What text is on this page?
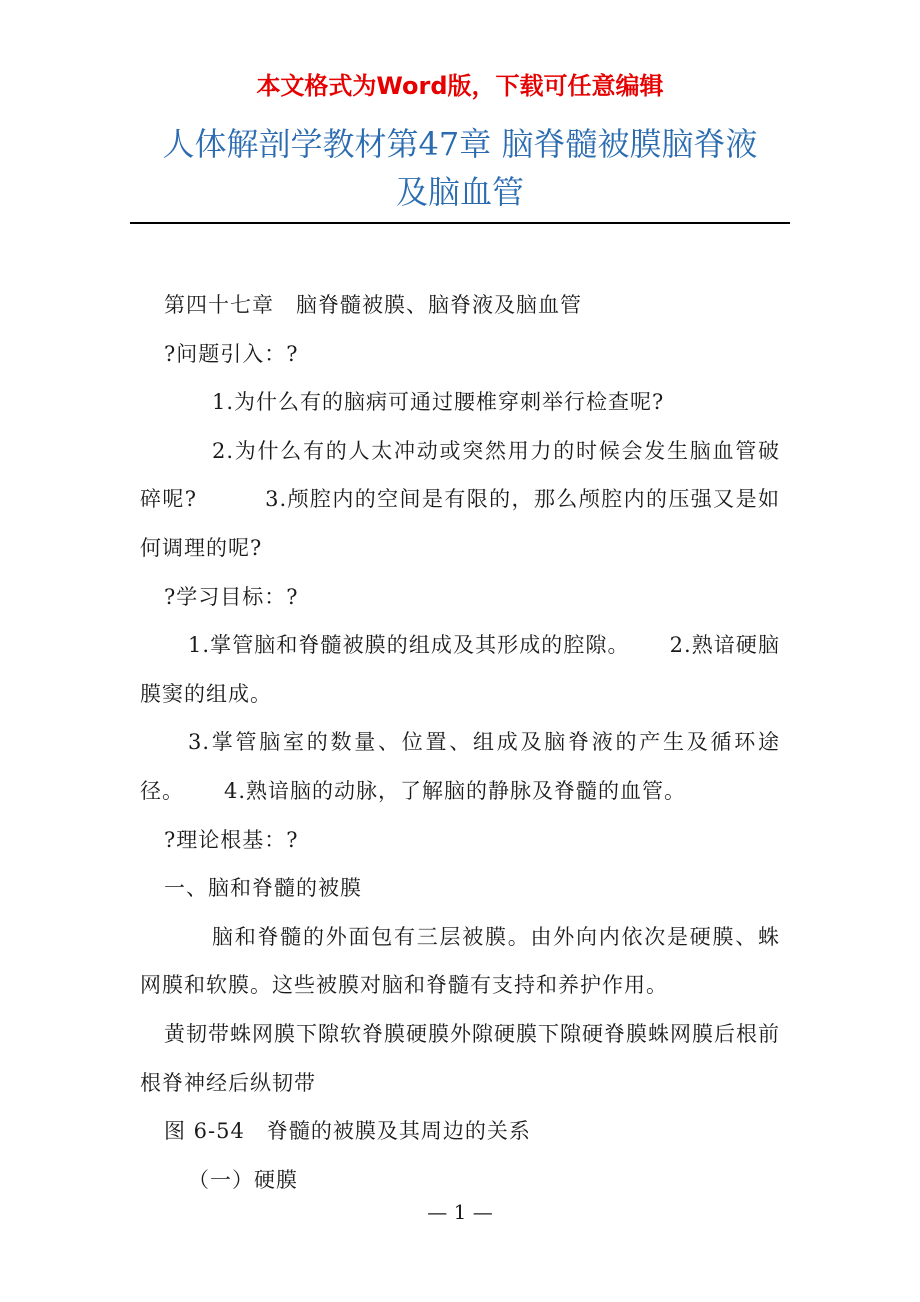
本文格式为Word版，下载可任意编辑
人体解剖学教材第47章 脑脊髓被膜脑脊液
及脑血管

第四十七章　脑脊髓被膜、脑脊液及脑血管

?问题引入：?

1.为什么有的脑病可通过腰椎穿刺举行检查呢?

2.为什么有的人太冲动或突然用力的时候会发生脑血管破碎呢?	3.颅腔内的空间是有限的，那么颅腔内的压强又是如何调理的呢?

?学习目标：?

1.掌管脑和脊髓被膜的组成及其形成的腔隙。 2.熟谙硬脑膜窦的组成。

3.掌管脑室的数量、位置、组成及脑脊液的产生及循环途径。 4.熟谙脑的动脉，了解脑的静脉及脊髓的血管。

?理论根基：?

一、脑和脊髓的被膜

脑和脊髓的外面包有三层被膜。由外向内依次是硬膜、蛛网膜和软膜。这些被膜对脑和脊髓有支持和养护作用。

黄韧带蛛网膜下隙软脊膜硬膜外隙硬膜下隙硬脊膜蛛网膜后根前根脊神经后纵韧带

图 6-54　脊髓的被膜及其周边的关系

（一）硬膜

— 1 —
